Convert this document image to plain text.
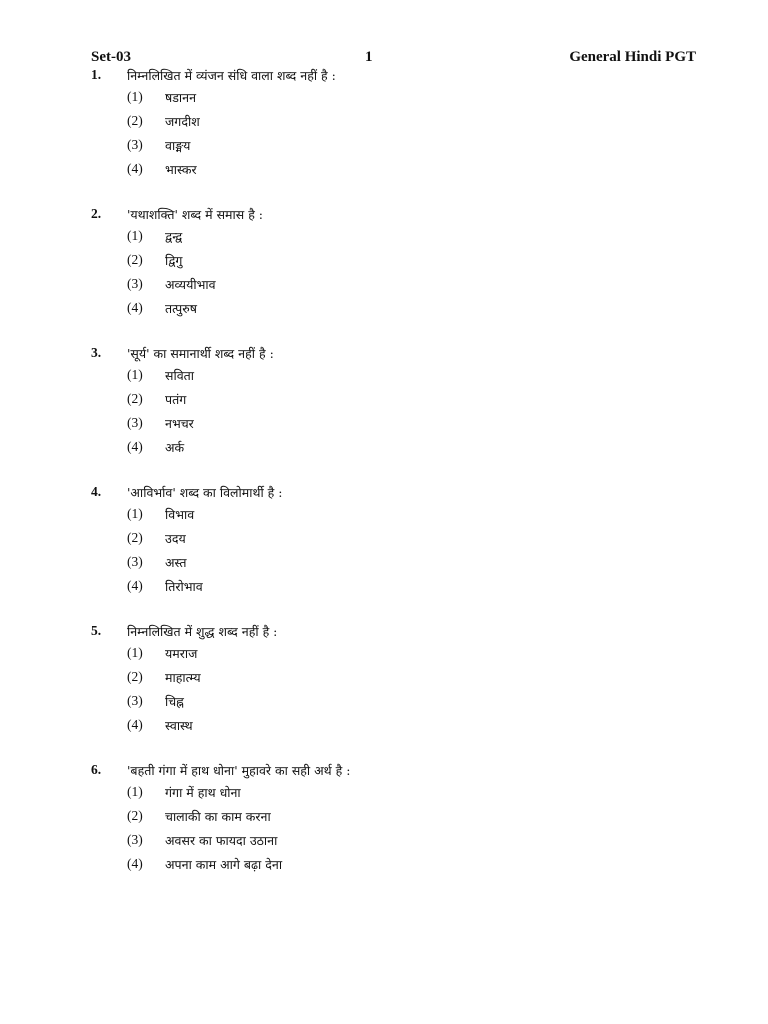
Set-03	1	General Hindi PGT
1.	निम्नलिखित में व्यंजन संधि वाला शब्द नहीं है :
(1)	षडानन
(2)	जगदीश
(3)	वाङ्मय
(4)	भास्कर
2.	'यथाशक्ति' शब्द में समास है :
(1)	द्वन्द्व
(2)	द्विगु
(3)	अव्ययीभाव
(4)	तत्पुरुष
3.	'सूर्य' का समानार्थी शब्द नहीं है :
(1)	सविता
(2)	पतंग
(3)	नभचर
(4)	अर्क
4.	'आविर्भाव' शब्द का विलोमार्थी है :
(1)	विभाव
(2)	उदय
(3)	अस्त
(4)	तिरोभाव
5.	निम्नलिखित में शुद्ध शब्द नहीं है :
(1)	यमराज
(2)	माहात्म्य
(3)	चिह्न
(4)	स्वास्थ
6.	'बहती गंगा में हाथ धोना' मुहावरे का सही अर्थ है :
(1)	गंगा में हाथ धोना
(2)	चालाकी का काम करना
(3)	अवसर का फायदा उठाना
(4)	अपना काम आगे बढ़ा देना
